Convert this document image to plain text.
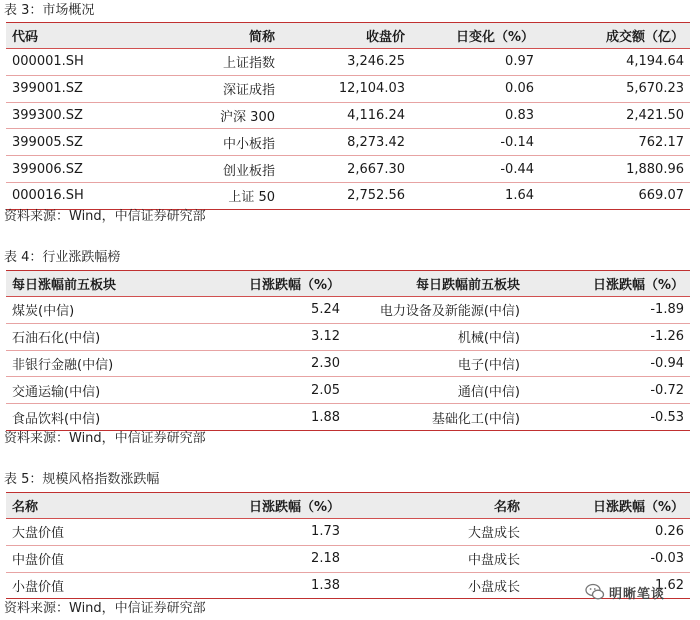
表 3：市场概况
代码	简称	收盘价	日变化（%）	成交额（亿）
000001.SH	上证指数	3,246.25	0.97	4,194.64
399001.SZ	深证成指	12,104.03	0.06	5,670.23
399300.SZ	沪深 300	4,116.24	0.83	2,421.50
399005.SZ	中小板指	8,273.42	-0.14	762.17
399006.SZ	创业板指	2,667.30	-0.44	1,880.96
000016.SH	上证 50	2,752.56	1.64	669.07
资料来源：Wind，中信证券研究部
表 4：行业涨跌幅榜
每日涨幅前五板块	日涨跌幅（%）	每日跌幅前五板块	日涨跌幅（%）
煤炭(中信)	5.24	电力设备及新能源(中信)	-1.89
石油石化(中信)	3.12	机械(中信)	-1.26
非银行金融(中信)	2.30	电子(中信)	-0.94
交通运输(中信)	2.05	通信(中信)	-0.72
食品饮料(中信)	1.88	基础化工(中信)	-0.53
资料来源：Wind，中信证券研究部
表 5：规模风格指数涨跌幅
名称	日涨跌幅（%）	名称	日涨跌幅（%）
大盘价值	1.73	大盘成长	0.26
中盘价值	2.18	中盘成长	-0.03
小盘价值	1.38	小盘成长	1.62
资料来源：Wind，中信证券研究部
明晰笔谈
